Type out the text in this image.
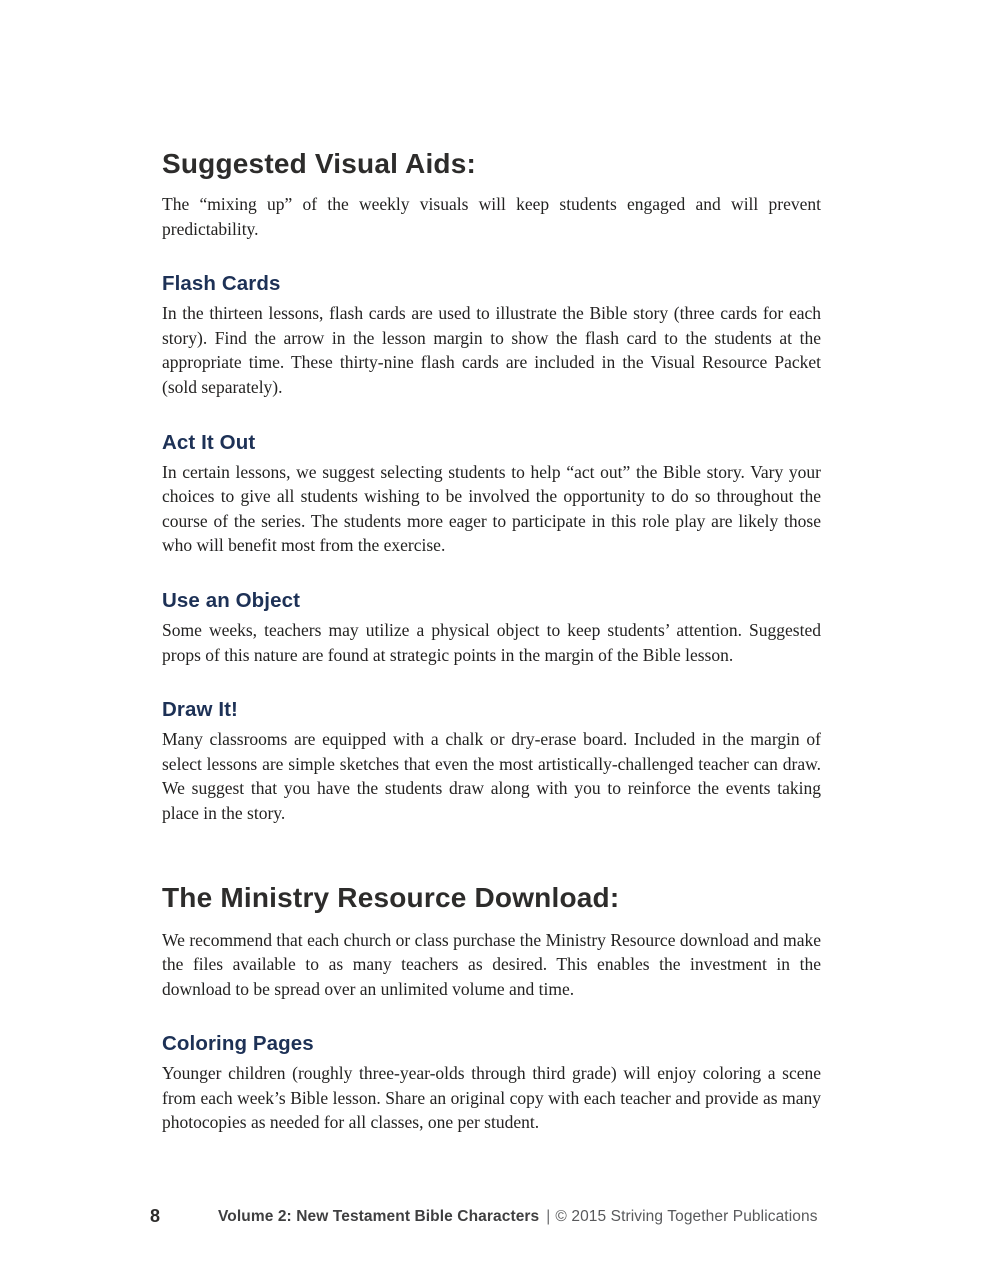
Suggested Visual Aids:

The “mixing up” of the weekly visuals will keep students engaged and will prevent predictability.

Flash Cards

In the thirteen lessons, flash cards are used to illustrate the Bible story (three cards for each story). Find the arrow in the lesson margin to show the flash card to the students at the appropriate time. These thirty-nine flash cards are included in the Visual Resource Packet (sold separately).

Act It Out

In certain lessons, we suggest selecting students to help “act out” the Bible story. Vary your choices to give all students wishing to be involved the opportunity to do so throughout the course of the series. The students more eager to participate in this role play are likely those who will benefit most from the exercise.

Use an Object

Some weeks, teachers may utilize a physical object to keep students’ attention. Suggested props of this nature are found at strategic points in the margin of the Bible lesson.

Draw It!

Many classrooms are equipped with a chalk or dry-erase board. Included in the margin of select lessons are simple sketches that even the most artistically-challenged teacher can draw. We suggest that you have the students draw along with you to reinforce the events taking place in the story.

The Ministry Resource Download:

We recommend that each church or class purchase the Ministry Resource download and make the files available to as many teachers as desired. This enables the investment in the download to be spread over an unlimited volume and time.

Coloring Pages

Younger children (roughly three-year-olds through third grade) will enjoy coloring a scene from each week’s Bible lesson. Share an original copy with each teacher and provide as many photocopies as needed for all classes, one per student.

8	Volume 2: New Testament Bible Characters | © 2015 Striving Together Publications
